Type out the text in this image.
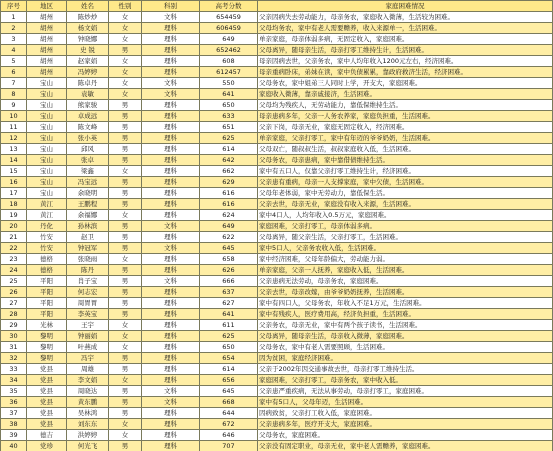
序号	地区	姓名	性别	科别	高考分数	家庭困难情况
1	胡州	陈炒炒	女	文科	654459	父亲因病失去劳动能力，母亲务农，家庭收入微薄，生活较为困难。
2	胡州	杨文娟	女	理科	606459	父母均务农，家中有老人需要赡养，收入来源单一，生活困难。
3	胡州	钟晓娜	女	理科	649	单亲家庭，母亲体弱多病，无固定收入，家庭困难。
4	胡州	史 锐	男	理科	652462	父母离异，随母亲生活，母亲打零工维持生计，生活困难。
5	胡州	赵家娟	女	理科	608	母亲因病去世，父亲务农，家中人均年收入1200元左右，经济困难。
6	胡州	冯婷婷	女	理科	612457	母亲重病卧床，弟妹在读，家中负债累累，靠政府救济生活，经济困难。
7	宝山	陈卓丹	女	文科	550	父母务农，家中姐弟三人同时上学，开支大，家庭困难。
8	宝山	袁敏	女	文科	641	家庭收入微薄，靠亲戚接济，生活困难。
9	宝山	熊家骏	男	理科	650	父母均为残疾人，无劳动能力，靠低保维持生活。
10	宝山	卓成远	男	理科	633	母亲患病多年，父亲一人务农养家，家庭负担重，生活困难。
11	宝山	陈文峰	男	理科	651	父亲下岗，母亲无业，家庭无固定收入，经济困难。
12	宝山	张小英	男	理科	625	单亲家庭，父亲打零工，家中有年迈的爷爷奶奶，生活困难。
13	宝山	邱风	男	理科	614	父母双亡，随叔叔生活，叔叔家庭收入低，生活困难。
14	宝山	张卓	男	理科	642	父母务农，母亲患病，家中靠借债维持生活。
15	宝山	梁鑫	女	理科	662	家中有五口人，仅靠父亲打零工维持生计，经济困难。
16	宝山	冯宝远	男	理科	629	父亲患有重病，母亲一人支撑家庭，家中欠债，生活困难。
17	宝山	余晓明	男	理科	616	父母年老体弱，家中无劳动力，靠低保生活。
18	黄江	王鹏程	男	理科	616	父亲去世，母亲无业，家庭没有收入来源，生活困难。
19	黄江	余福娜	女	理科	624	家中4口人，人均年收入0.5万元，家庭困难。
20	丹化	孙林滨	男	文科	649	家庭困难，父亲打零工，母亲体弱多病。
21	竹安	赵卫	男	理科	622	父母离异，随父亲生活，父亲打零工，生活困难。
22	竹安	钟冠军	男	文科	645	家中5口人，父亲务农收入低，生活困难。
23	德格	张晓雨	女	理科	658	家中经济困难，父母年龄偏大，劳动能力弱。
24	德格	陈丹	男	理科	626	单亲家庭，父亲一人抚养，家庭收入低，生活困难。
25	平阳	肖子宝	男	文科	666	父亲患病无法劳动，母亲务农，家庭困难。
26	平阳	何志宏	男	理科	637	父亲去世，母亲改嫁，由爷爷奶奶抚养，生活困难。
27	平阳	周胃胃	男	理科	627	家中有四口人，父母务农，年收入不足1万元，生活困难。
28	平阳	李英宝	男	理科	641	家中有残疾人，医疗费用高，经济负担重，生活困难。
29	光林	王宇	女	理科	611	父亲务农，母亲无业，家中有两个孩子读书，生活困难。
30	黎明	钟丽娟	女	理科	625	父母离异，随母亲生活，母亲收入微薄，家庭困难。
31	黎明	叶燕成	女	理科	650	父母务农，家中有老人需要照顾，生活困难。
32	黎明	冯宇	男	理科	654	因为贫困，家庭经济困难。
33	党县	周雄	男	理科	614	父亲于2002年因交通事故去世，母亲打零工维持生活。
34	党县	李文娟	女	理科	656	家庭困难，父亲打零工，母亲务农，家中收入低。
35	党县	周晓达	男	文科	645	父亲患严重疾病，无法从事劳动，母亲打零工，家庭困难。
36	党县	黄东鹏	男	文科	668	家中有5口人，父母年迈，生活困难。
37	党县	吴林鸿	男	理科	644	因病致贫，父亲打工收入低，家庭困难。
38	党县	刘东东	女	理科	672	父亲患病多年，医疗开支大，家庭困难。
39	德吉	洪婷婷	女	理科	646	父母务农，家庭困难。
40	党珍	何光飞	男	理科	707	父亲没有固定职业，母亲无业，家中老人需赡养，家庭困难。
